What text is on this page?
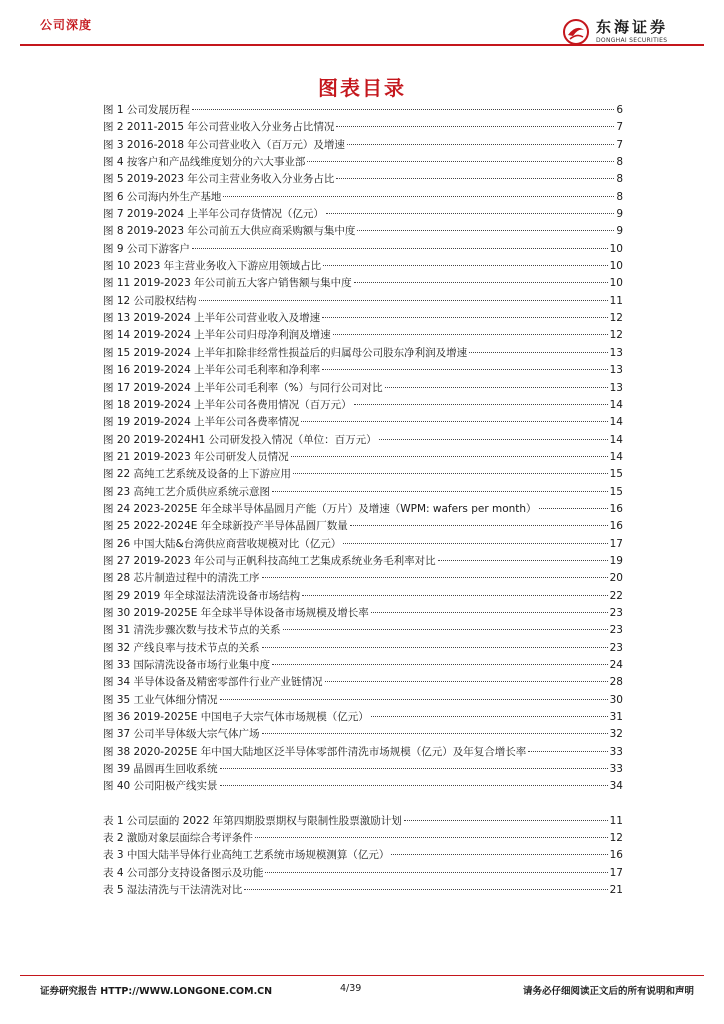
公司深度	东海证券
DONGHAI SECURITIES
图表目录
图 1 公司发展历程	6
图 2 2011-2015 年公司营业收入分业务占比情况	7
图 3 2016-2018 年公司营业收入（百万元）及增速	7
图 4 按客户和产品线维度划分的六大事业部	8
图 5 2019-2023 年公司主营业务收入分业务占比	8
图 6 公司海内外生产基地	8
图 7 2019-2024 上半年公司存货情况（亿元）	9
图 8 2019-2023 年公司前五大供应商采购额与集中度	9
图 9 公司下游客户	10
图 10 2023 年主营业务收入下游应用领域占比	10
图 11 2019-2023 年公司前五大客户销售额与集中度	10
图 12 公司股权结构	11
图 13 2019-2024 上半年公司营业收入及增速	12
图 14 2019-2024 上半年公司归母净利润及增速	12
图 15 2019-2024 上半年扣除非经常性损益后的归属母公司股东净利润及增速	13
图 16 2019-2024 上半年公司毛利率和净利率	13
图 17 2019-2024 上半年公司毛利率（%）与同行公司对比	13
图 18 2019-2024 上半年公司各费用情况（百万元）	14
图 19 2019-2024 上半年公司各费率情况	14
图 20 2019-2024H1 公司研发投入情况（单位：百万元）	14
图 21 2019-2023 年公司研发人员情况	14
图 22 高纯工艺系统及设备的上下游应用	15
图 23 高纯工艺介质供应系统示意图	15
图 24 2023-2025E 年全球半导体晶圆月产能（万片）及增速（WPM: wafers per month）	16
图 25 2022-2024E 年全球新投产半导体晶圆厂数量	16
图 26 中国大陆&台湾供应商营收规模对比（亿元）	17
图 27 2019-2023 年公司与正帆科技高纯工艺集成系统业务毛利率对比	19
图 28 芯片制造过程中的清洗工序	20
图 29 2019 年全球湿法清洗设备市场结构	22
图 30 2019-2025E 年全球半导体设备市场规模及增长率	23
图 31 清洗步骤次数与技术节点的关系	23
图 32 产线良率与技术节点的关系	23
图 33 国际清洗设备市场行业集中度	24
图 34 半导体设备及精密零部件行业产业链情况	28
图 35 工业气体细分情况	30
图 36 2019-2025E 中国电子大宗气体市场规模（亿元）	31
图 37 公司半导体级大宗气体广场	32
图 38 2020-2025E 年中国大陆地区泛半导体零部件清洗市场规模（亿元）及年复合增长率	33
图 39 晶圆再生回收系统	33
图 40 公司阳极产线实景	34
表 1 公司层面的 2022 年第四期股票期权与限制性股票激励计划	11
表 2 激励对象层面综合考评条件	12
表 3 中国大陆半导体行业高纯工艺系统市场规模测算（亿元）	16
表 4 公司部分支持设备图示及功能	17
表 5 湿法清洗与干法清洗对比	21
证券研究报告 HTTP://WWW.LONGONE.COM.CN	4/39	请务必仔细阅读正文后的所有说明和声明
